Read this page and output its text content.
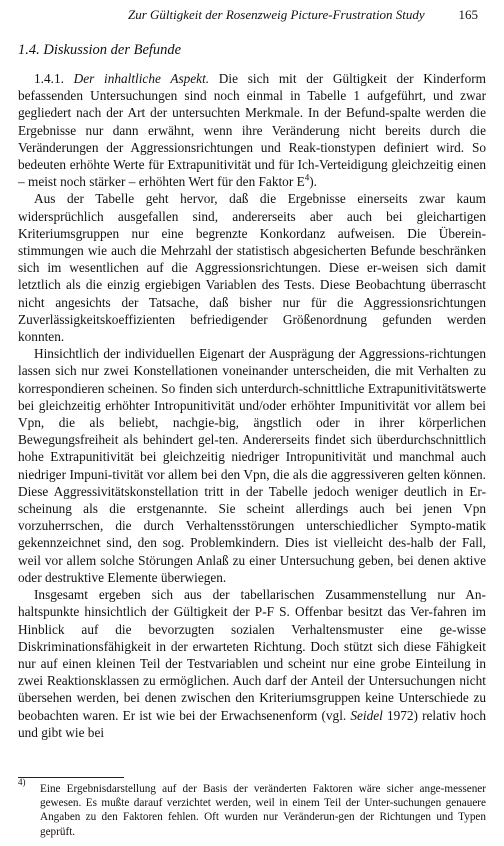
Zur Gültigkeit der Rosenzweig Picture-Frustration Study	165
1.4. Diskussion der Befunde

1.4.1. Der inhaltliche Aspekt. Die sich mit der Gültigkeit der Kinderform befassenden Untersuchungen sind noch einmal in Tabelle 1 aufgeführt, und zwar gegliedert nach der Art der untersuchten Merkmale. In der Befund-spalte werden die Ergebnisse nur dann erwähnt, wenn ihre Veränderung nicht bereits durch die Veränderungen der Aggressionsrichtungen und Reak-tionstypen definiert wird. So bedeuten erhöhte Werte für Extrapunitivität und für Ich-Verteidigung gleichzeitig einen – meist noch stärker – erhöhten Wert für den Faktor $E^4$).

Aus der Tabelle geht hervor, daß die Ergebnisse einerseits zwar kaum widersprüchlich ausgefallen sind, andererseits aber auch bei gleichartigen Kriteriumsgruppen nur eine begrenzte Konkordanz aufweisen. Die Überein-stimmungen wie auch die Mehrzahl der statistisch abgesicherten Befunde beschränken sich im wesentlichen auf die Aggressionsrichtungen. Diese er-weisen sich damit letztlich als die einzig ergiebigen Variablen des Tests. Diese Beobachtung überrascht nicht angesichts der Tatsache, daß bisher nur für die Aggressionsrichtungen Zuverlässigkeitskoeffizienten befriedigender Größenordnung gefunden werden konnten.

Hinsichtlich der individuellen Eigenart der Ausprägung der Aggressions-richtungen lassen sich nur zwei Konstellationen voneinander unterscheiden, die mit Verhalten zu korrespondieren scheinen. So finden sich unterdurch-schnittliche Extrapunitivitätswerte bei gleichzeitig erhöhter Intropunitivität und/oder erhöhter Impunitivität vor allem bei Vpn, die als beliebt, nachgie-big, ängstlich oder in ihrer körperlichen Bewegungsfreiheit als behindert gel-ten. Andererseits findet sich überdurchschnittlich hohe Extrapunitivität bei gleichzeitig niedriger Intropunitivität und manchmal auch niedriger Impuni-tivität vor allem bei den Vpn, die als die aggressiveren gelten können. Diese Aggressivitätskonstellation tritt in der Tabelle jedoch weniger deutlich in Er-scheinung als die erstgenannte. Sie scheint allerdings auch bei jenen Vpn vorzuherrschen, die durch Verhaltensstörungen unterschiedlicher Sympto-matik gekennzeichnet sind, den sog. Problemkindern. Dies ist vielleicht des-halb der Fall, weil vor allem solche Störungen Anlaß zu einer Untersuchung geben, bei denen aktive oder destruktive Elemente überwiegen.

Insgesamt ergeben sich aus der tabellarischen Zusammenstellung nur An-haltspunkte hinsichtlich der Gültigkeit der P-F S. Offenbar besitzt das Ver-fahren im Hinblick auf die bevorzugten sozialen Verhaltensmuster eine ge-wisse Diskriminationsfähigkeit in der erwarteten Richtung. Doch stützt sich diese Fähigkeit nur auf einen kleinen Teil der Testvariablen und scheint nur eine grobe Einteilung in zwei Reaktionsklassen zu ermöglichen. Auch darf der Anteil der Untersuchungen nicht übersehen werden, bei denen zwischen den Kriteriumsgruppen keine Unterschiede zu beobachten waren. Er ist wie bei der Erwachsenenform (vgl. Seidel 1972) relativ hoch und gibt wie bei

4)
Eine Ergebnisdarstellung auf der Basis der veränderten Faktoren wäre sicher ange-messener gewesen. Es mußte darauf verzichtet werden, weil in einem Teil der Unter-suchungen genauere Angaben zu den Faktoren fehlen. Oft wurden nur Veränderun-gen der Richtungen und Typen geprüft.
